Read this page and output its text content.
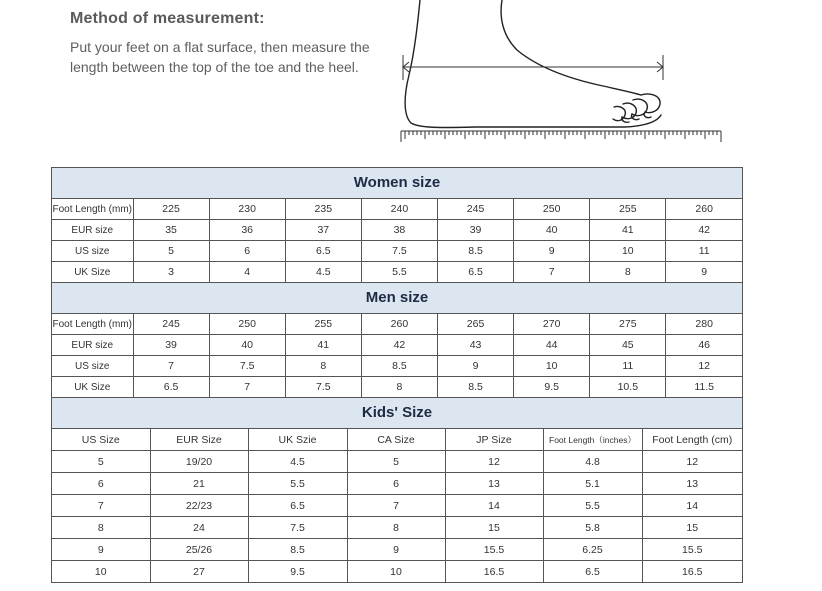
Method of measurement:

Put your feet on a flat surface, then measure the length between the top of the toe and the heel.

Women size
Foot Length (mm)	225	230	235	240	245	250	255	260
EUR size	35	36	37	38	39	40	41	42
US size	5	6	6.5	7.5	8.5	9	10	11
UK Size	3	4	4.5	5.5	6.5	7	8	9
Men size
Foot Length (mm)	245	250	255	260	265	270	275	280
EUR size	39	40	41	42	43	44	45	46
US size	7	7.5	8	8.5	9	10	11	12
UK Size	6.5	7	7.5	8	8.5	9.5	10.5	11.5
Kids' Size
US Size	EUR Size	UK Szie	CA Size	JP Size	Foot Length（inches）	Foot Length (cm)
5	19/20	4.5	5	12	4.8	12
6	21	5.5	6	13	5.1	13
7	22/23	6.5	7	14	5.5	14
8	24	7.5	8	15	5.8	15
9	25/26	8.5	9	15.5	6.25	15.5
10	27	9.5	10	16.5	6.5	16.5
